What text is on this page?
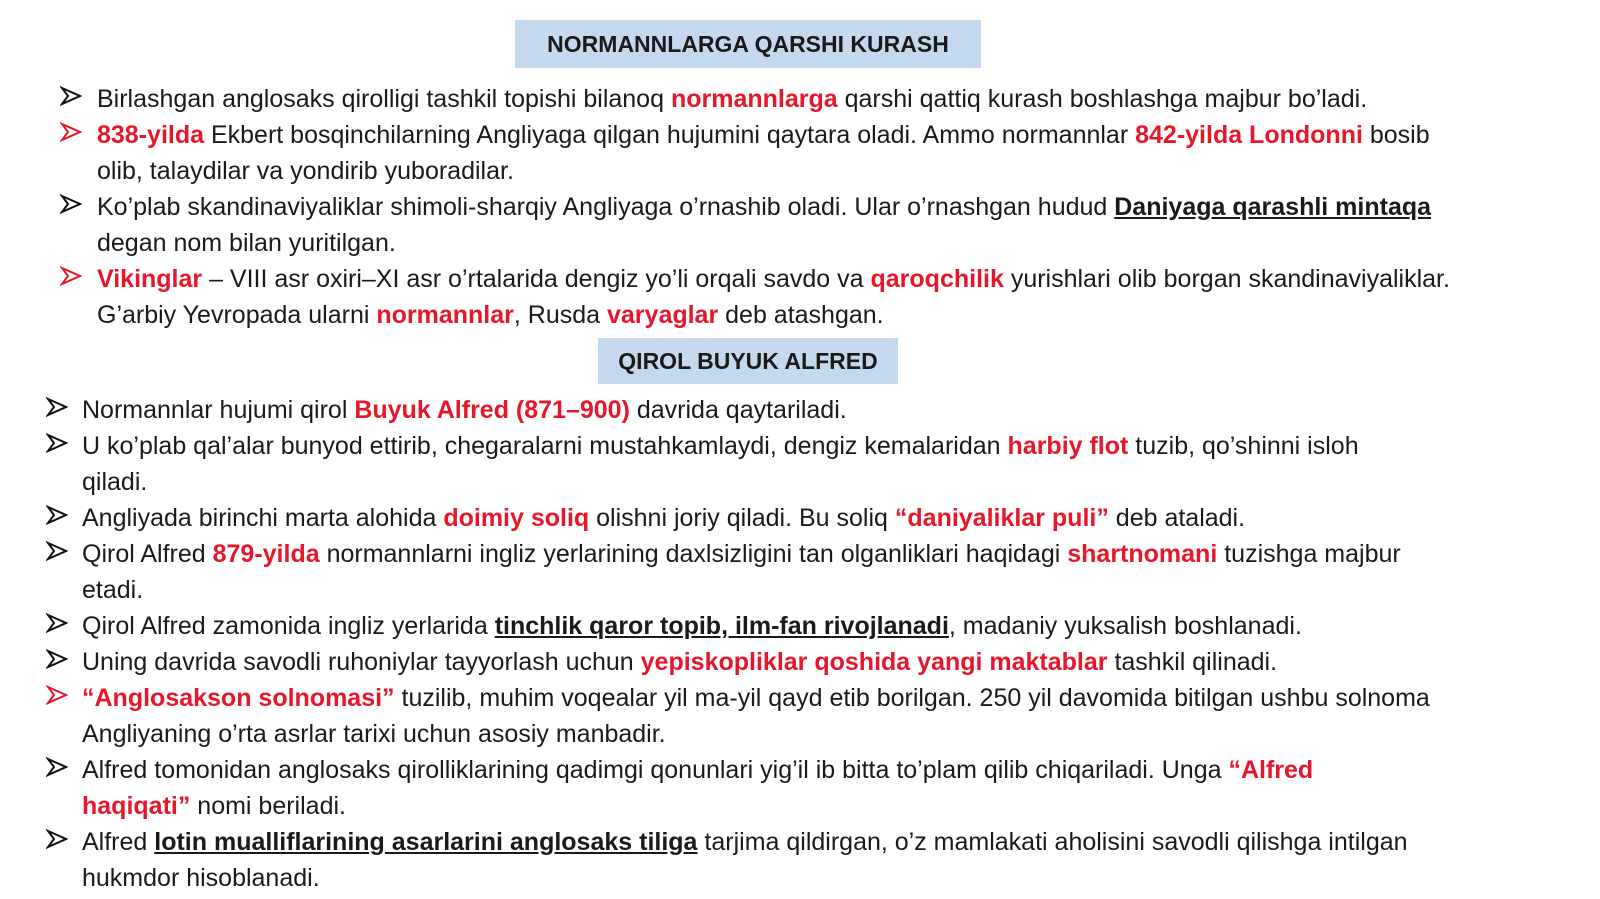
NORMANNLARGA QARSHI KURASH
Birlashgan anglosaks qirolligi tashkil topishi bilanoq normannlarga qarshi qattiq kurash boshlashga majbur bo’ladi.
838-yilda Ekbert bosqinchilarning Angliyaga qilgan hujumini qaytara oladi. Ammo normannlar 842-yilda Londonni bosib
olib, talaydilar va yondirib yuboradilar.
Ko’plab skandinaviyaliklar shimoli-sharqiy Angliyaga o’rnashib oladi. Ular o’rnashgan hudud Daniyaga qarashli mintaqa
degan nom bilan yuritilgan.
Vikinglar – VIII asr oxiri–XI asr o’rtalarida dengiz yo’li orqali savdo va qaroqchilik yurishlari olib borgan skandinaviyaliklar.
G’arbiy Yevropada ularni normannlar, Rusda varyaglar deb atashgan.
QIROL BUYUK ALFRED
Normannlar hujumi qirol Buyuk Alfred (871–900) davrida qaytariladi.
U ko’plab qal’alar bunyod ettirib, chegaralarni mustahkamlaydi, dengiz kemalaridan harbiy flot tuzib, qo’shinni isloh
qiladi.
Angliyada birinchi marta alohida doimiy soliq olishni joriy qiladi. Bu soliq “daniyaliklar puli” deb ataladi.
Qirol Alfred 879-yilda normannlarni ingliz yerlarining daxlsizligini tan olganliklari haqidagi shartnomani tuzishga majbur
etadi.
Qirol Alfred zamonida ingliz yerlarida tinchlik qaror topib, ilm-fan rivojlanadi, madaniy yuksalish boshlanadi.
Uning davrida savodli ruhoniylar tayyorlash uchun yepiskopliklar qoshida yangi maktablar tashkil qilinadi.
“Anglosakson solnomasi” tuzilib, muhim voqealar yil ma-yil qayd etib borilgan. 250 yil davomida bitilgan ushbu solnoma
Angliyaning o’rta asrlar tarixi uchun asosiy manbadir.
Alfred tomonidan anglosaks qirolliklarining qadimgi qonunlari yig’il ib bitta to’plam qilib chiqariladi. Unga “Alfred
haqiqati” nomi beriladi.
Alfred lotin mualliflarining asarlarini anglosaks tiliga tarjima qildirgan, o’z mamlakati aholisini savodli qilishga intilgan
hukmdor hisoblanadi.
